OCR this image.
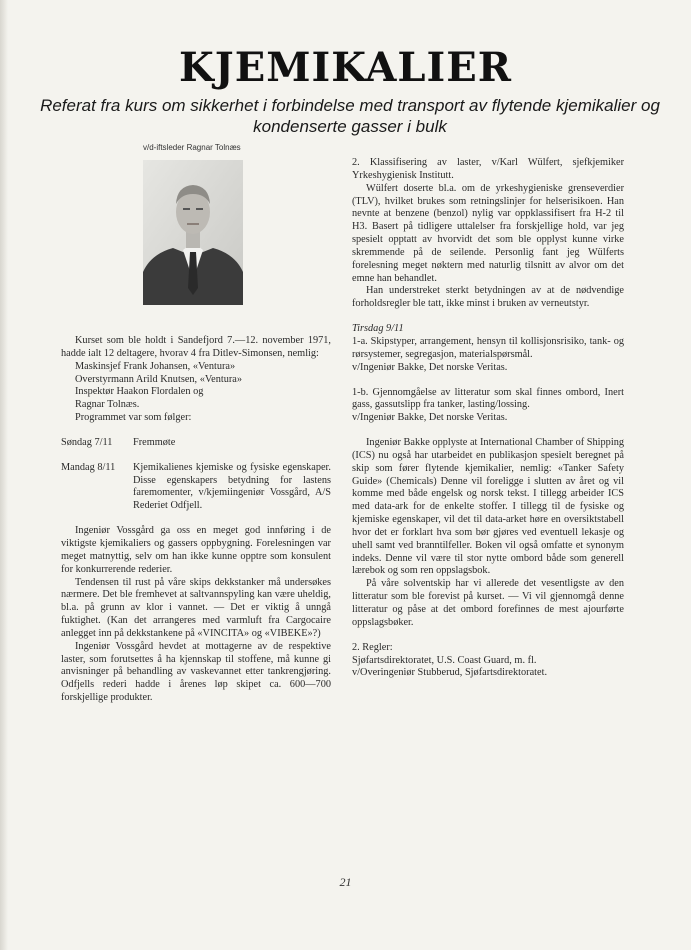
KJEMIKALIER
Referat fra kurs om sikkerhet i forbindelse med transport av flytende kjemikalier og kondenserte gasser i bulk
v/d-iftsleder Ragnar Tolnæs

Kurset som ble holdt i Sandefjord 7.—12. november 1971, hadde ialt 12 deltagere, hvorav 4 fra Ditlev-Simonsen, nemlig:

Maskinsjef Frank Johansen, «Ventura»

Overstyrmann Arild Knutsen, «Ventura»

Inspektør Haakon Flordalen og

Ragnar Tolnæs.

Programmet var som følger:

Søndag 7/11	Fremmøte
Mandag 8/11	Kjemikalienes kjemiske og fysiske egenskaper. Disse egenskapers betydning for lastens faremomenter, v/kjemiingeniør Vossgård, A/S Rederiet Odfjell.

Ingeniør Vossgård ga oss en meget god innføring i de viktigste kjemikaliers og gassers oppbygning. Forelesningen var meget matnyttig, selv om han ikke kunne opptre som konsulent for konkurrerende rederier.

Tendensen til rust på våre skips dekkstanker må undersøkes nærmere. Det ble fremhevet at saltvannspyling kan være uheldig, bl.a. på grunn av klor i vannet. — Det er viktig å unngå fuktighet. (Kan det arrangeres med varmluft fra Cargocaire anlegget inn på dekkstankene på «VINCITA» og «VIBEKE»?)

Ingeniør Vossgård hevdet at mottagerne av de respektive laster, som forutsettes å ha kjennskap til stoffene, må kunne gi anvisninger på behandling av vaskevannet etter tankrengjøring. Odfjells rederi hadde i årenes løp skipet ca. 600—700 forskjellige produkter.

2. Klassifisering av laster, v/Karl Wülfert, sjefkjemiker Yrkeshygienisk Institutt.

Wülfert doserte bl.a. om de yrkeshygieniske grenseverdier (TLV), hvilket brukes som retningslinjer for helserisikoen. Han nevnte at benzene (benzol) nylig var oppklassifisert fra H-2 til H3. Basert på tidligere uttalelser fra forskjellige hold, var jeg spesielt opptatt av hvorvidt det som ble opplyst kunne virke skremmende på de seilende. Personlig fant jeg Wülferts forelesning meget nøktern med naturlig tilsnitt av alvor om det emne han behandlet.

Han understreket sterkt betydningen av at de nødvendige forholdsregler ble tatt, ikke minst i bruken av verneutstyr.

Tirsdag 9/11

1-a. Skipstyper, arrangement, hensyn til kollisjonsrisiko, tank- og rørsystemer, segregasjon, materialspørsmål.

v/Ingeniør Bakke, Det norske Veritas.

1-b. Gjennomgåelse av litteratur som skal finnes ombord, Inert gass, gassutslipp fra tanker, lasting/lossing.

v/Ingeniør Bakke, Det norske Veritas.

Ingeniør Bakke opplyste at International Chamber of Shipping (ICS) nu også har utarbeidet en publikasjon spesielt beregnet på skip som fører flytende kjemikalier, nemlig: «Tanker Safety Guide» (Chemicals) Denne vil foreligge i slutten av året og vil komme med både engelsk og norsk tekst. I tillegg arbeider ICS med data-ark for de enkelte stoffer. I tillegg til de fysiske og kjemiske egenskaper, vil det til data-arket høre en oversiktstabell hvor det er forklart hva som bør gjøres ved eventuell lekasje og uhell samt ved branntilfeller. Boken vil også omfatte et synonym indeks. Denne vil være til stor nytte ombord både som generell lærebok og som ren oppslagsbok.

På våre solventskip har vi allerede det vesentligste av den litteratur som ble forevist på kurset. — Vi vil gjennomgå denne litteratur og påse at det ombord forefinnes de mest ajourførte oppslagsbøker.

2. Regler:

Sjøfartsdirektoratet, U.S. Coast Guard, m. fl.

v/Overingeniør Stubberud, Sjøfartsdirektoratet.

21
